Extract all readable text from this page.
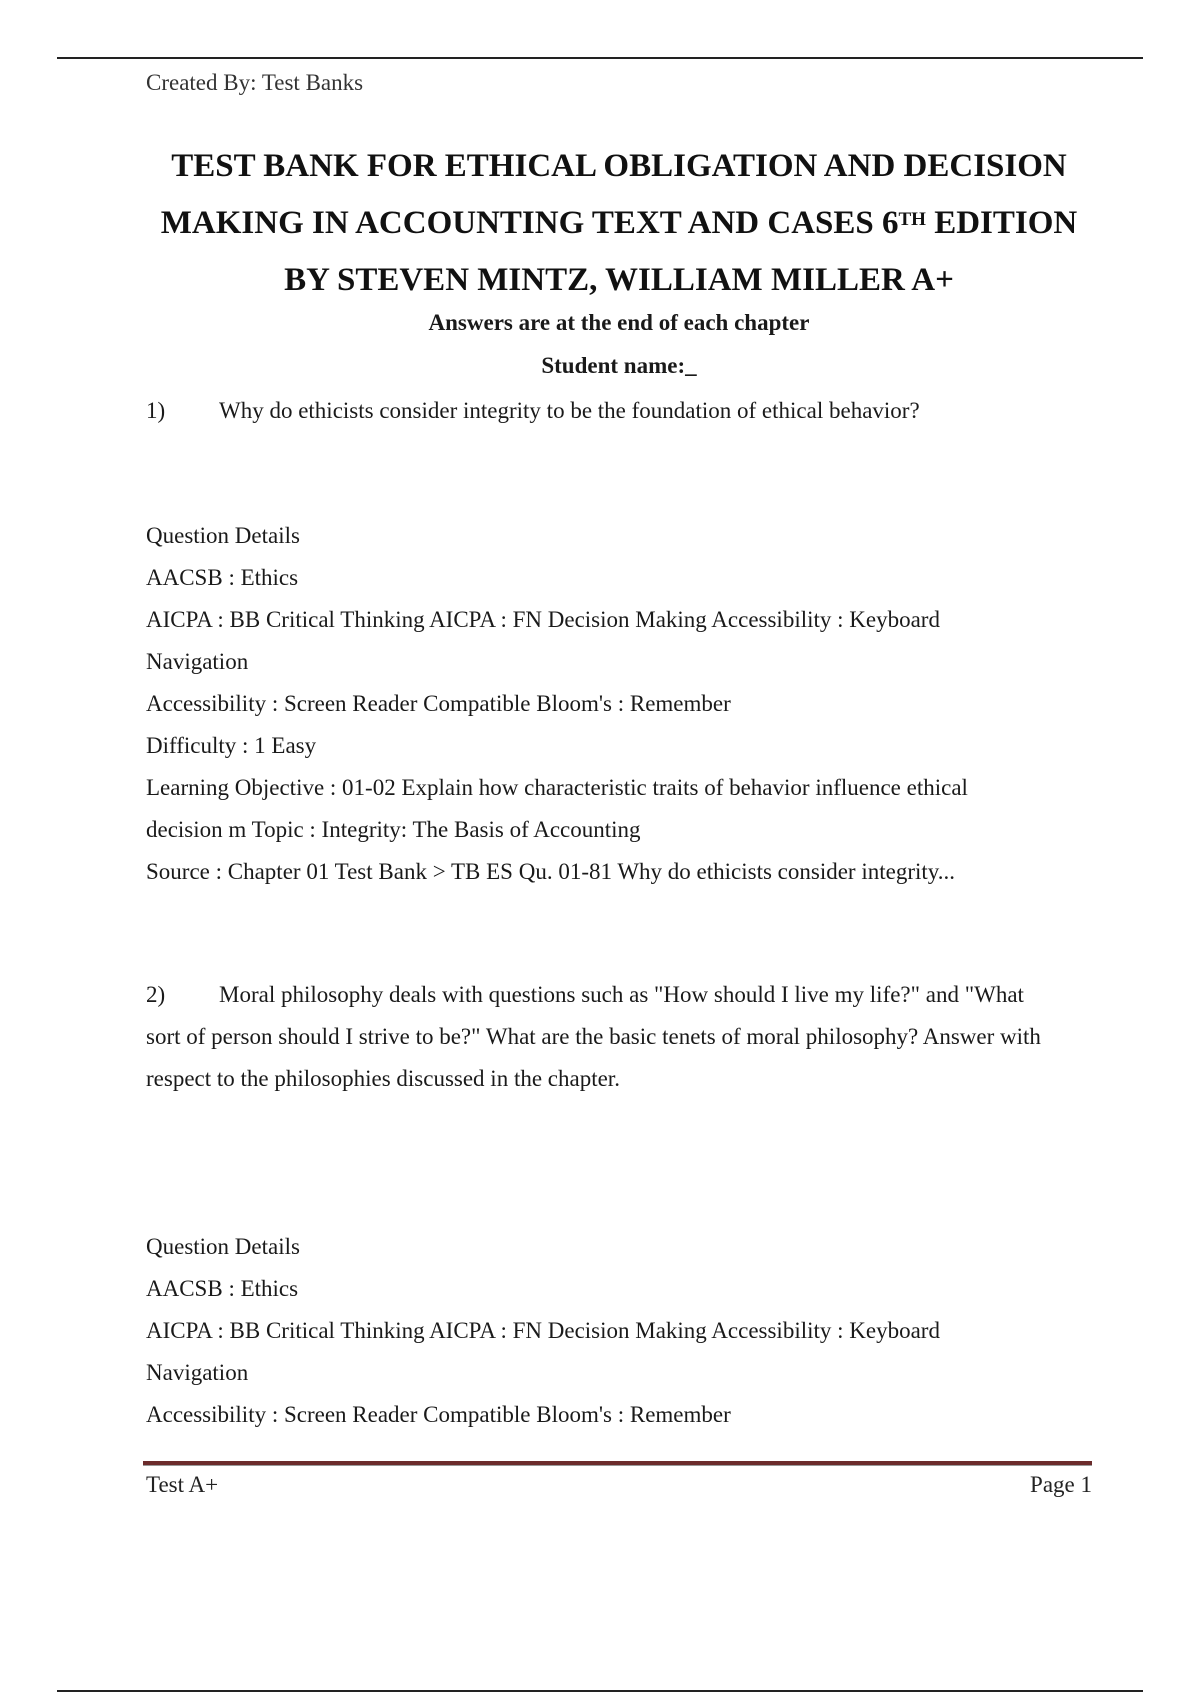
Created By: Test Banks
TEST BANK FOR ETHICAL OBLIGATION AND DECISION
MAKING IN ACCOUNTING TEXT AND CASES 6TH EDITION
BY STEVEN MINTZ, WILLIAM MILLER A+
Answers are at the end of each chapter
Student name:_
1) Why do ethicists consider integrity to be the foundation of ethical behavior?
Question Details
AACSB : Ethics
AICPA : BB Critical Thinking AICPA : FN Decision Making Accessibility : Keyboard
Navigation
Accessibility : Screen Reader Compatible Bloom's : Remember
Difficulty : 1 Easy
Learning Objective : 01-02 Explain how characteristic traits of behavior influence ethical
decision m Topic : Integrity: The Basis of Accounting
Source : Chapter 01 Test Bank > TB ES Qu. 01-81 Why do ethicists consider integrity...
2) Moral philosophy deals with questions such as "How should I live my life?" and "What
sort of person should I strive to be?" What are the basic tenets of moral philosophy? Answer with
respect to the philosophies discussed in the chapter.
Question Details
AACSB : Ethics
AICPA : BB Critical Thinking AICPA : FN Decision Making Accessibility : Keyboard
Navigation
Accessibility : Screen Reader Compatible Bloom's : Remember
Test A+	Page 1
